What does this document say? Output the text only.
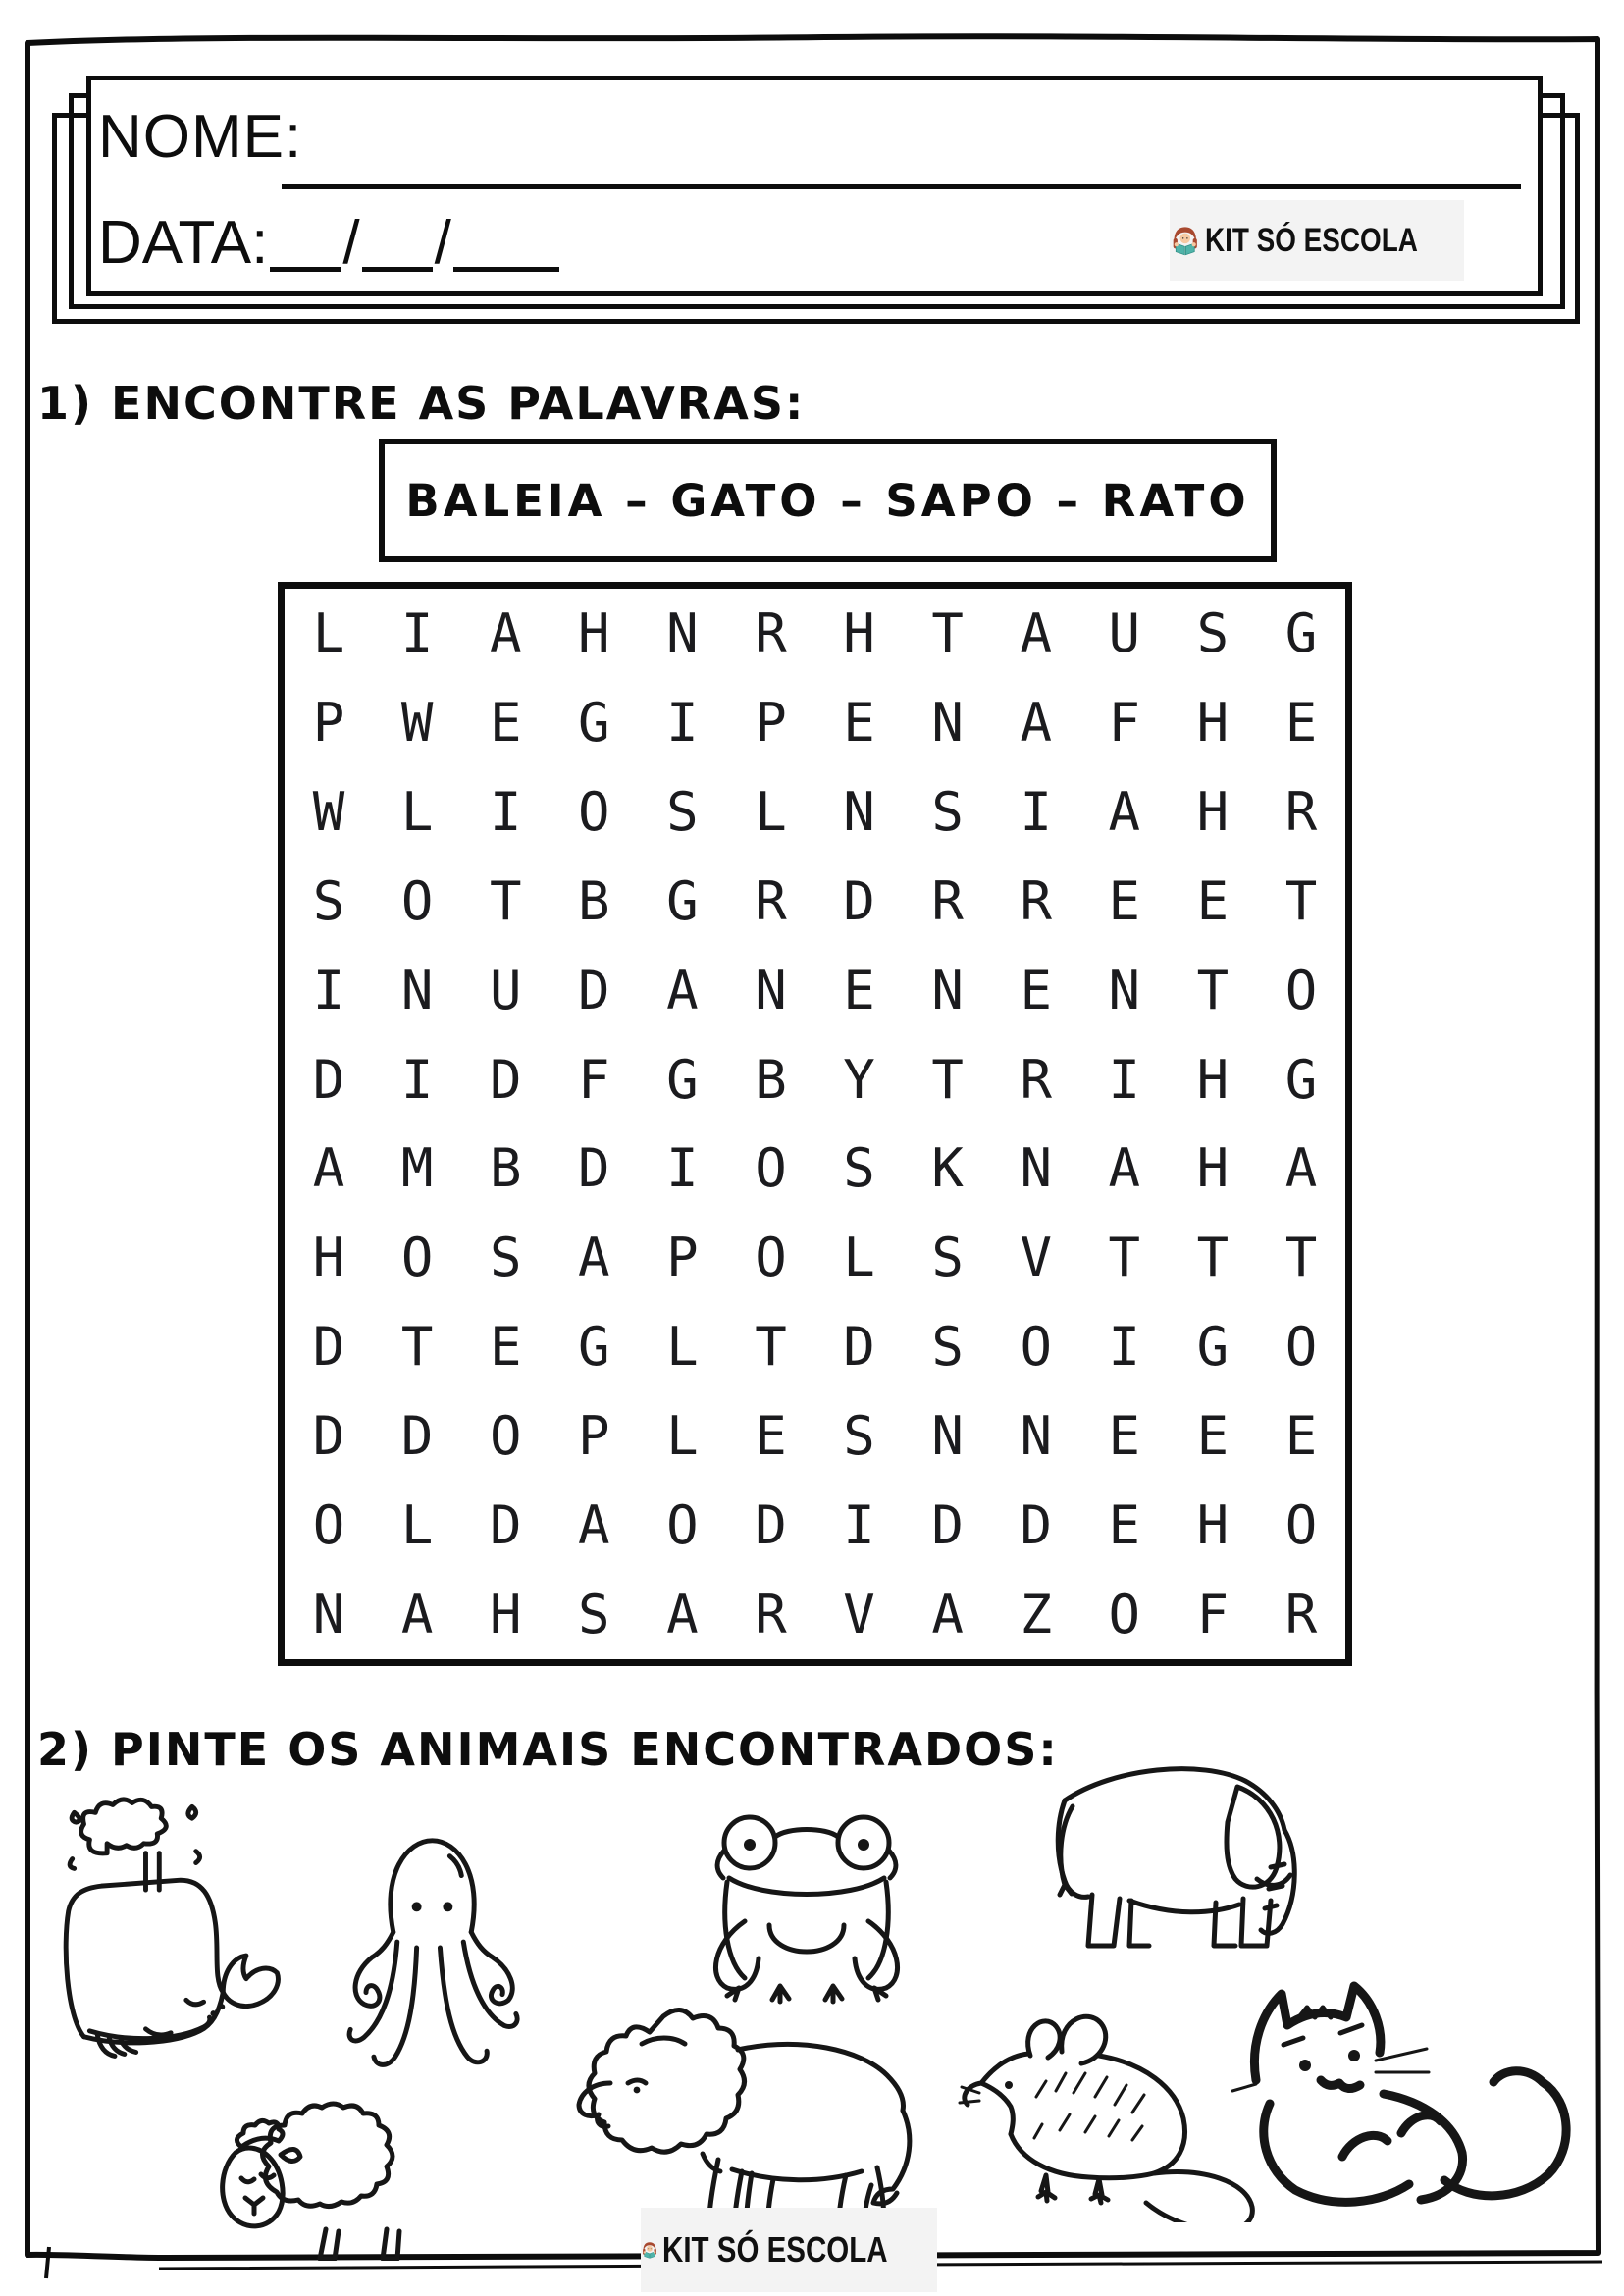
NOME:
DATA: / /	KIT SÓ ESCOLA
1) ENCONTRE AS PALAVRAS:
BALEIA – GATO – SAPO – RATO
L	I	A	H	N	R	H	T	A	U	S	G
P	W	E	G	I	P	E	N	A	F	H	E
W	L	I	O	S	L	N	S	I	A	H	R
S	O	T	B	G	R	D	R	R	E	E	T
I	N	U	D	A	N	E	N	E	N	T	O
D	I	D	F	G	B	Y	T	R	I	H	G
A	M	B	D	I	O	S	K	N	A	H	A
H	O	S	A	P	O	L	S	V	T	T	T
D	T	E	G	L	T	D	S	O	I	G	O
D	D	O	P	L	E	S	N	N	E	E	E
O	L	D	A	O	D	I	D	D	E	H	O
N	A	H	S	A	R	V	A	Z	O	F	R
2) PINTE OS ANIMAIS ENCONTRADOS:
KIT SÓ ESCOLA
